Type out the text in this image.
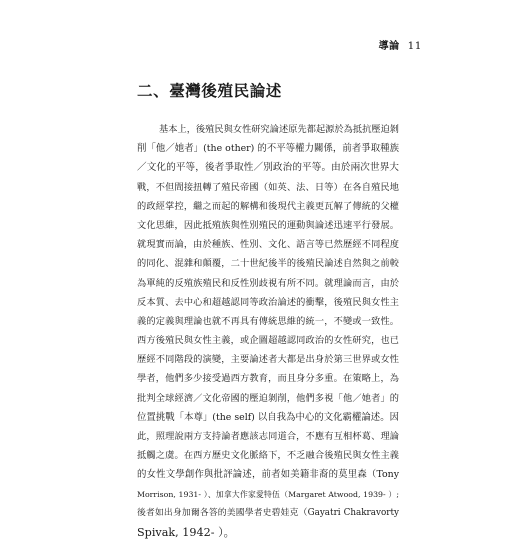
導論 11
二、臺灣後殖民論述
基本上，後殖民與女性研究論述原先都起源於為抵抗壓迫剝
削「他／她者」(the other) 的不平等權力關係，前者爭取種族
／文化的平等，後者爭取性／別政治的平等。由於兩次世界大
戰，不但間接扭轉了殖民帝國（如英、法、日等）在各自殖民地
的政經掌控，繼之而起的解構和後現代主義更瓦解了傳統的父權
文化思維，因此抵殖族與性別殖民的運動與論述迅速平行發展。
就現實而論，由於種族、性別、文化、語言等已然歷經不同程度
的同化、混雜和顛覆，二十世紀後半的後殖民論述自然與之前較
為單純的反殖族殖民和反性別歧視有所不同。就理論而言，由於
反本質、去中心和超越認同等政治論述的衝擊，後殖民與女性主
義的定義與理論也就不再具有傳統思維的統一，不變或一致性。
西方後殖民與女性主義，或企圖超越認同政治的女性研究，也已
歷經不同階段的演變，主要論述者大都是出身於第三世界或女性
學者，他們多少接受過西方教育，而且身分多重。在策略上，為
批判全球經濟／文化帝國的壓迫剝削，他們多視「他／她者」的
位置挑戰「本尊」(the self) 以自我為中心的文化霸權論述。因
此，照理說兩方支持論者應該志同道合，不應有互相杯葛、理論
抵觸之虞。在西方歷史文化脈絡下，不乏融合後殖民與女性主義
的女性文學創作與批評論述，前者如美籍非裔的莫里森（Tony
Morrison, 1931- ）、加拿大作家愛特伍（Margaret Atwood, 1939- ）;
後者如出身加爾各答的美國學者史碧娃克（Gayatri Chakravorty
Spivak, 1942- ）。
